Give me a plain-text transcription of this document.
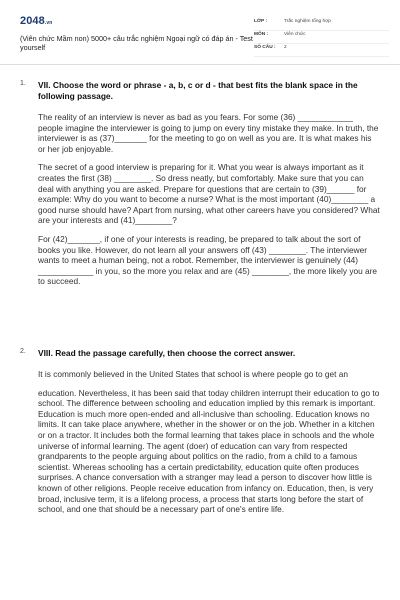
2048.vn
(Viên chức Mầm non) 5000+ câu trắc nghiệm Ngoại ngữ có đáp án - Test yourself
LỚP :	Trắc nghiệm tổng hợp
MÔN :	Viên chức
SỐ CÂU : 2
1. VII. Choose the word or phrase - a, b, c or d - that best fits the blank space in the following passage.
The reality of an interview is never as bad as you fears. For some (36) ____________ people imagine the interviewer is going to jump on every tiny mistake they make. In truth, the interviewer is as (37)_______ for the meeting to go on well as you are. It is what makes his or her job enjoyable.
The secret of a good interview is preparing for it. What you wear is always important as it creates the first (38) ________. So dress neatly, but comfortably. Make sure that you can deal with anything you are asked. Prepare for questions that are certain to (39)______ for example: Why do you want to become a nurse? What is the most important (40)________ a good nurse should have? Apart from nursing, what other careers have you considered? What are your interests and (41)________?
For (42)_______, if one of your interests is reading, be prepared to talk about the sort of books you like. However, do not learn all your answers off (43) ________. The interviewer wants to meet a human being, not a robot. Remember, the interviewer is genuinely (44) ____________ in you, so the more you relax and are (45) ________, the more likely you are to succeed.
2. VIII. Read the passage carefully, then choose the correct answer.
It is commonly believed in the United States that school is where people go to get an
education. Nevertheless, it has been said that today children interrupt their education to go to school. The difference between schooling and education implied by this remark is important. Education is much more open-ended and all-inclusive than schooling. Education knows no limits. It can take place anywhere, whether in the shower or on the job. Whether in a kitchen or on a tractor. It includes both the formal learning that takes place in schools and the whole universe of informal learning. The agent (doer) of education can vary from respected grandparents to the people arguing about politics on the radio, from a child to a famous scientist. Whereas schooling has a certain predictability, education quite often produces surprises. A chance conversation with a stranger may lead a person to discover how little is known of other religions. People receive education from infancy on. Education, then, is very broad, inclusive term, it is a lifelong process, a process that starts long before the start of school, and one that should be a necessary part of one's entire life.
